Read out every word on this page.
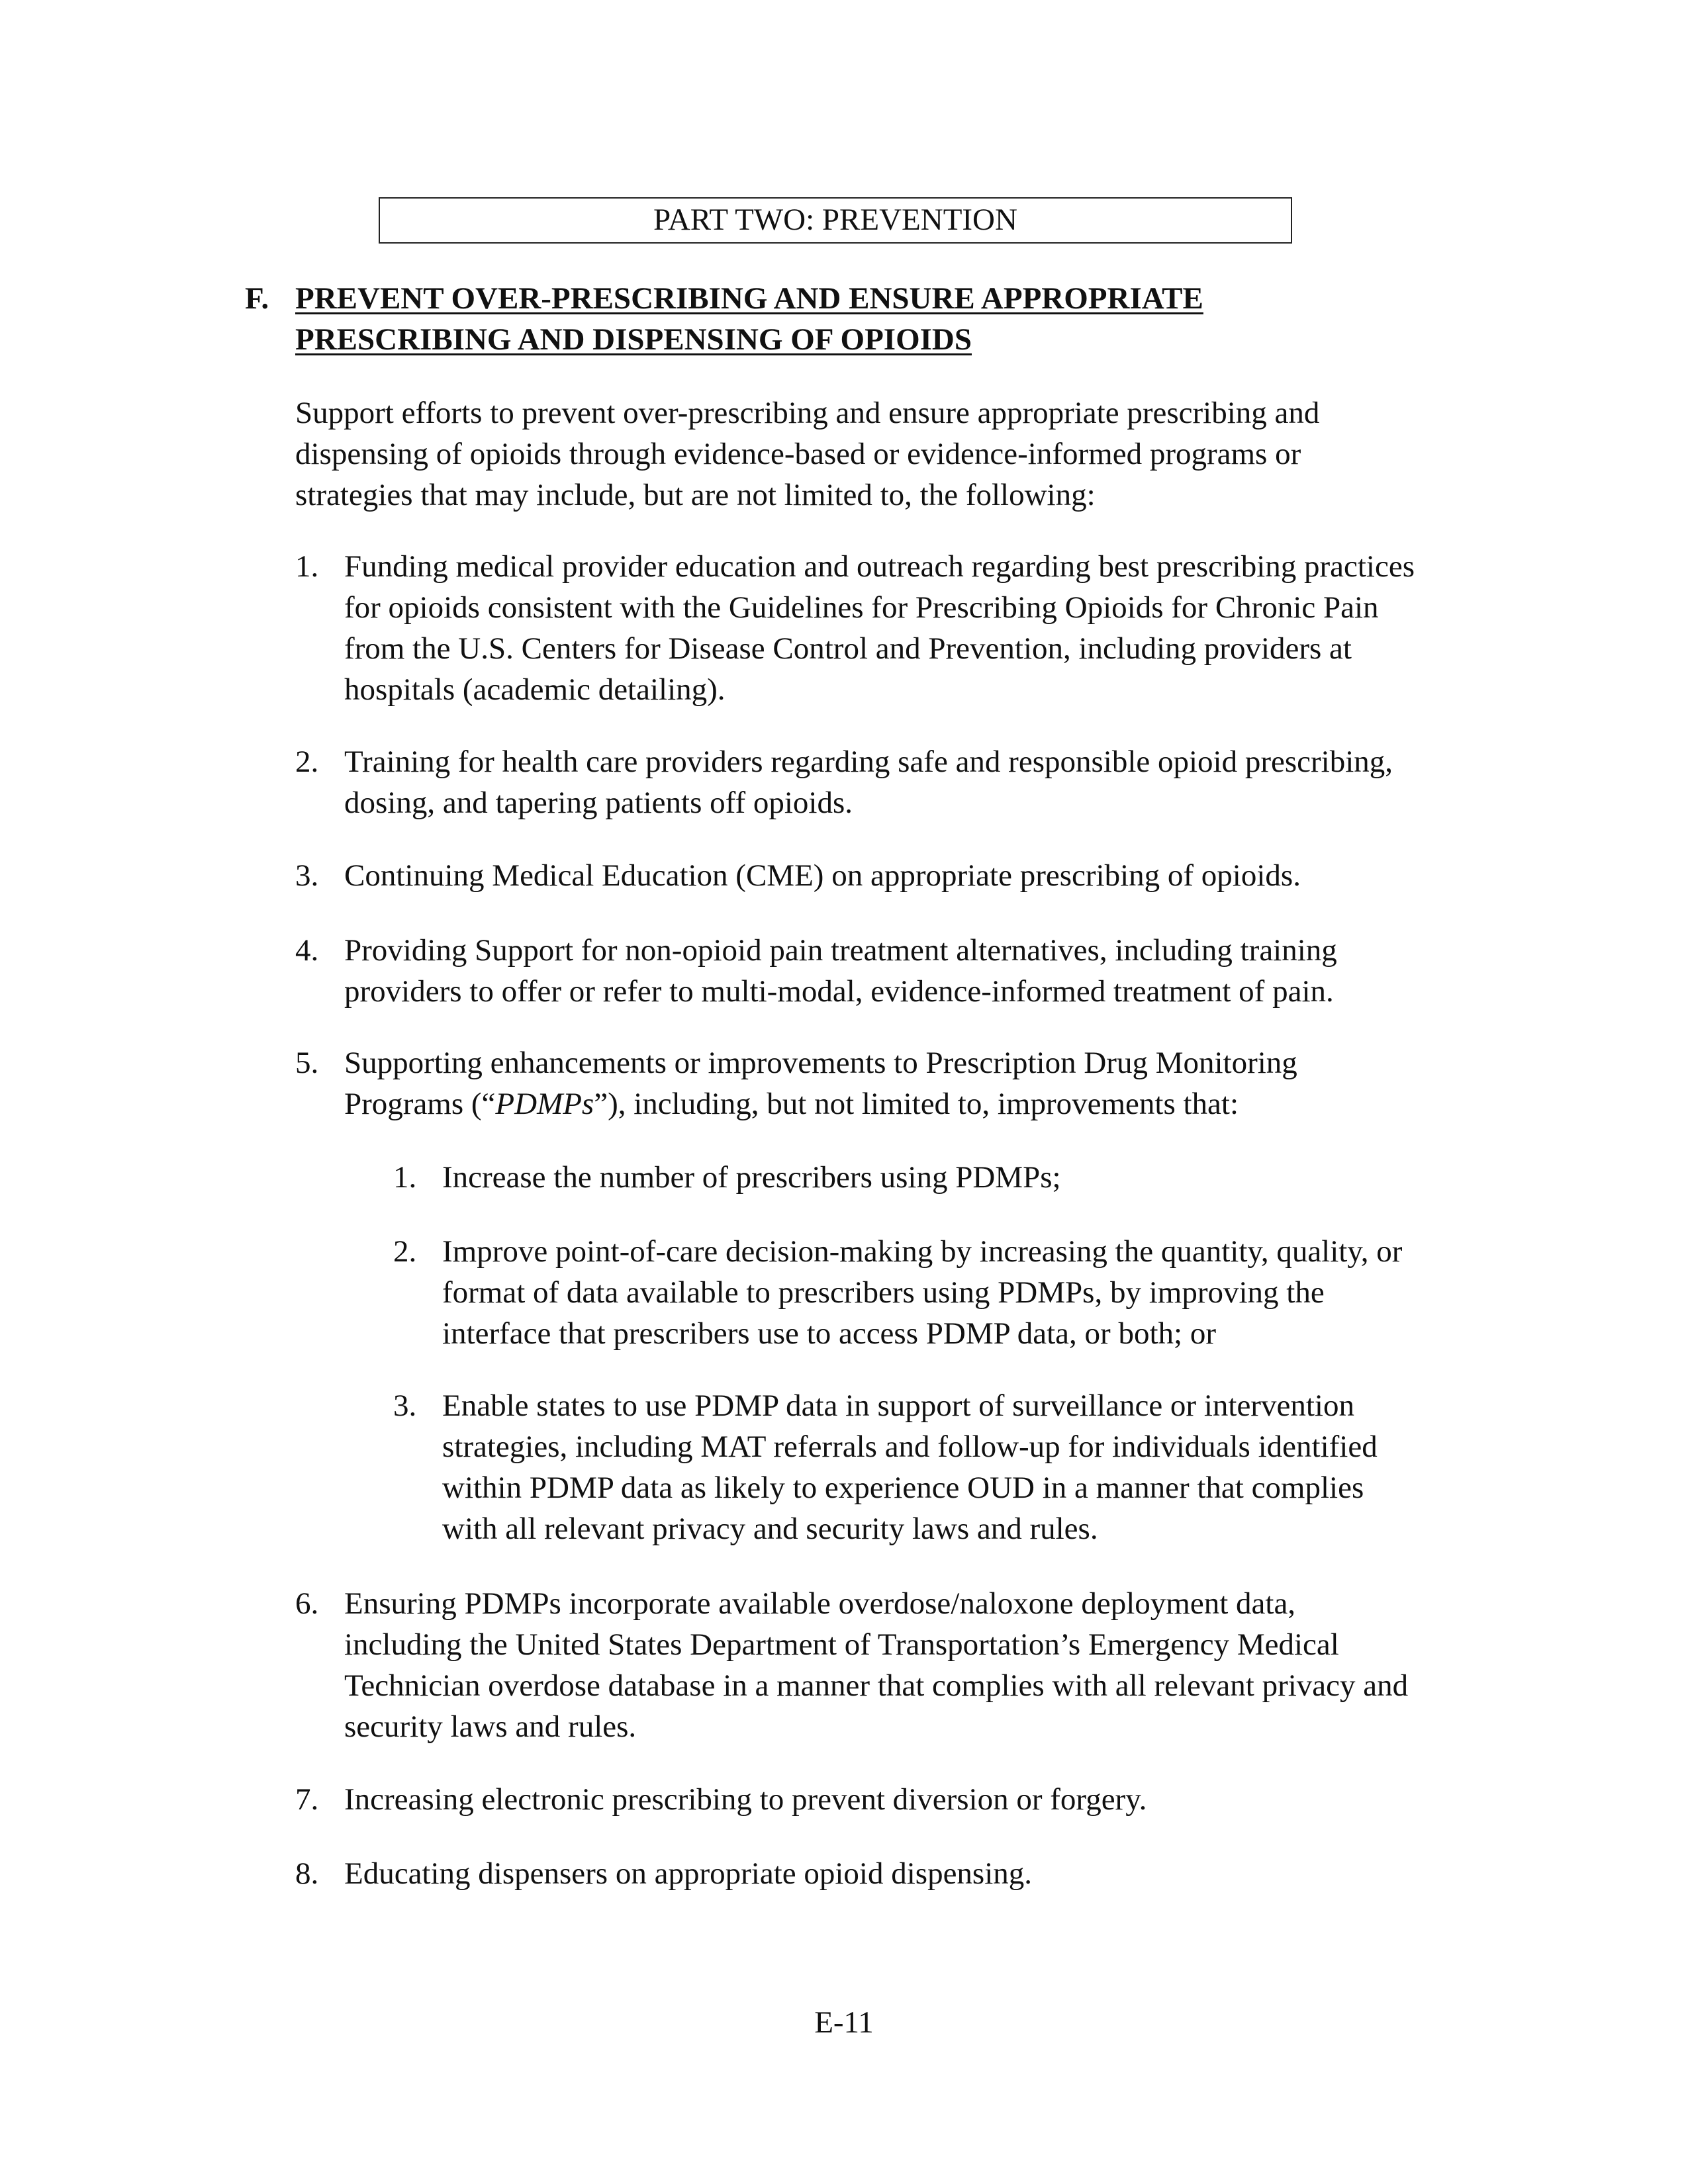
PART TWO: PREVENTION
F. PREVENT OVER-PRESCRIBING AND ENSURE APPROPRIATE
PRESCRIBING AND DISPENSING OF OPIOIDS
Support efforts to prevent over-prescribing and ensure appropriate prescribing and
dispensing of opioids through evidence-based or evidence-informed programs or
strategies that may include, but are not limited to, the following:
1. Funding medical provider education and outreach regarding best prescribing practices
for opioids consistent with the Guidelines for Prescribing Opioids for Chronic Pain
from the U.S. Centers for Disease Control and Prevention, including providers at
hospitals (academic detailing).
2. Training for health care providers regarding safe and responsible opioid prescribing,
dosing, and tapering patients off opioids.
3. Continuing Medical Education (CME) on appropriate prescribing of opioids.
4. Providing Support for non-opioid pain treatment alternatives, including training
providers to offer or refer to multi-modal, evidence-informed treatment of pain.
5. Supporting enhancements or improvements to Prescription Drug Monitoring
Programs (“PDMPs”), including, but not limited to, improvements that:
1. Increase the number of prescribers using PDMPs;
2. Improve point-of-care decision-making by increasing the quantity, quality, or
format of data available to prescribers using PDMPs, by improving the
interface that prescribers use to access PDMP data, or both; or
3. Enable states to use PDMP data in support of surveillance or intervention
strategies, including MAT referrals and follow-up for individuals identified
within PDMP data as likely to experience OUD in a manner that complies
with all relevant privacy and security laws and rules.
6. Ensuring PDMPs incorporate available overdose/naloxone deployment data,
including the United States Department of Transportation’s Emergency Medical
Technician overdose database in a manner that complies with all relevant privacy and
security laws and rules.
7. Increasing electronic prescribing to prevent diversion or forgery.
8. Educating dispensers on appropriate opioid dispensing.
E-11
